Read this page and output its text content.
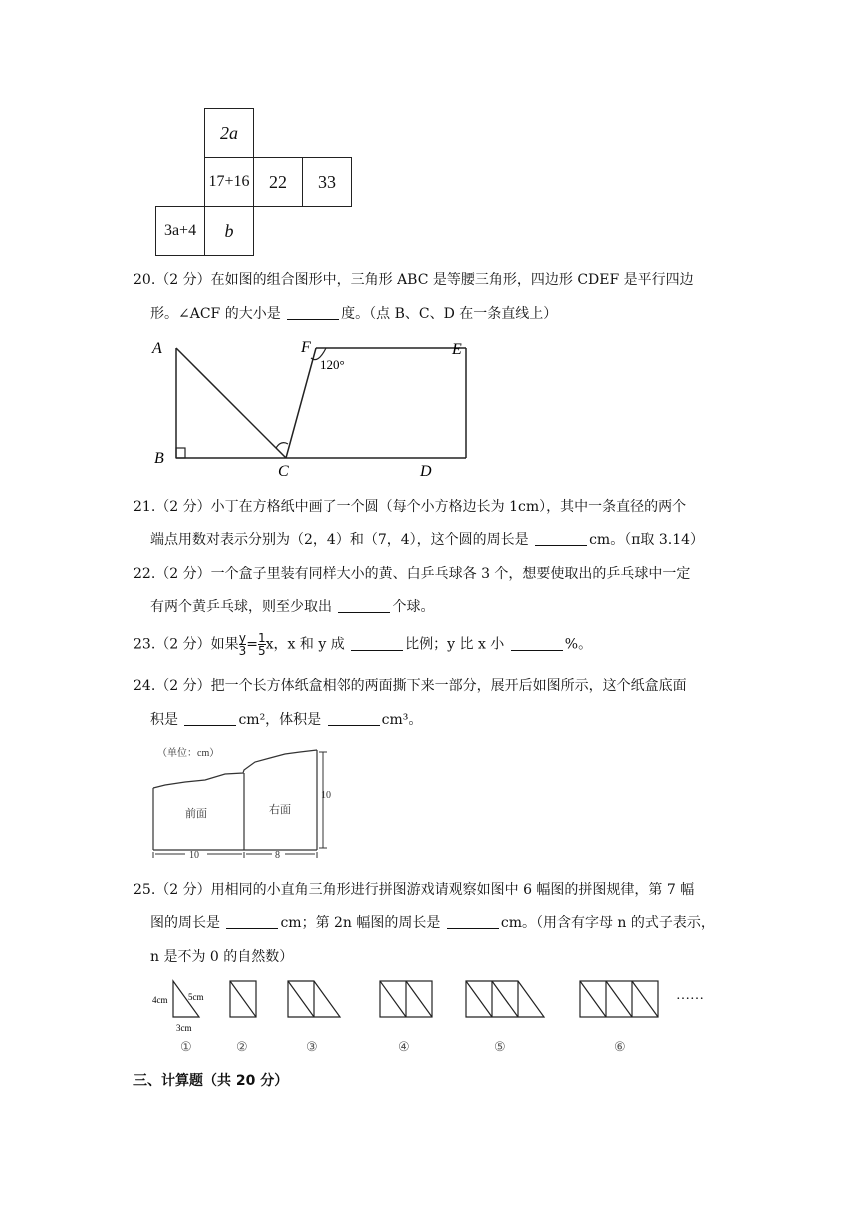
2a
17+16	22	33
3a+4	b
20.（2 分）在如图的组合图形中，三角形 ABC 是等腰三角形，四边形 CDEF 是平行四边
形。∠ACF 的大小是	度。（点 B、C、D 在一条直线上）
A
B
C	D
E
F
120°
21.（2 分）小丁在方格纸中画了一个圆（每个小方格边长为 1cm），其中一条直径的两个
端点用数对表示分别为（2，4）和（7，4），这个圆的周长是	cm。（π取 3.14）
22.（2 分）一个盒子里装有同样大小的黄、白乒乓球各 3 个，想要使取出的乒乓球中一定
有两个黄乒乓球，则至少取出	个球。
23.（2 分）如果 $\frac{y}{3} = \frac{1}{5}$ x，x 和 y 成	比例；y 比 x 小	%。
24.（2 分）把一个长方体纸盒相邻的两面撕下来一部分，展开后如图所示，这个纸盒底面
积是	cm²，体积是	cm³。
（单位：cm）
前面	右面
10
10	8
25.（2 分）用相同的小直角三角形进行拼图游戏请观察如图中 6 幅图的拼图规律，第 7 幅
图的周长是	cm；第 2n 幅图的周长是	cm。（用含有字母 n 的式子表示，
n 是不为 0 的自然数）
4cm 5cm
3cm
……
①	②	③	④	⑤	⑥
三、计算题（共 20 分）
